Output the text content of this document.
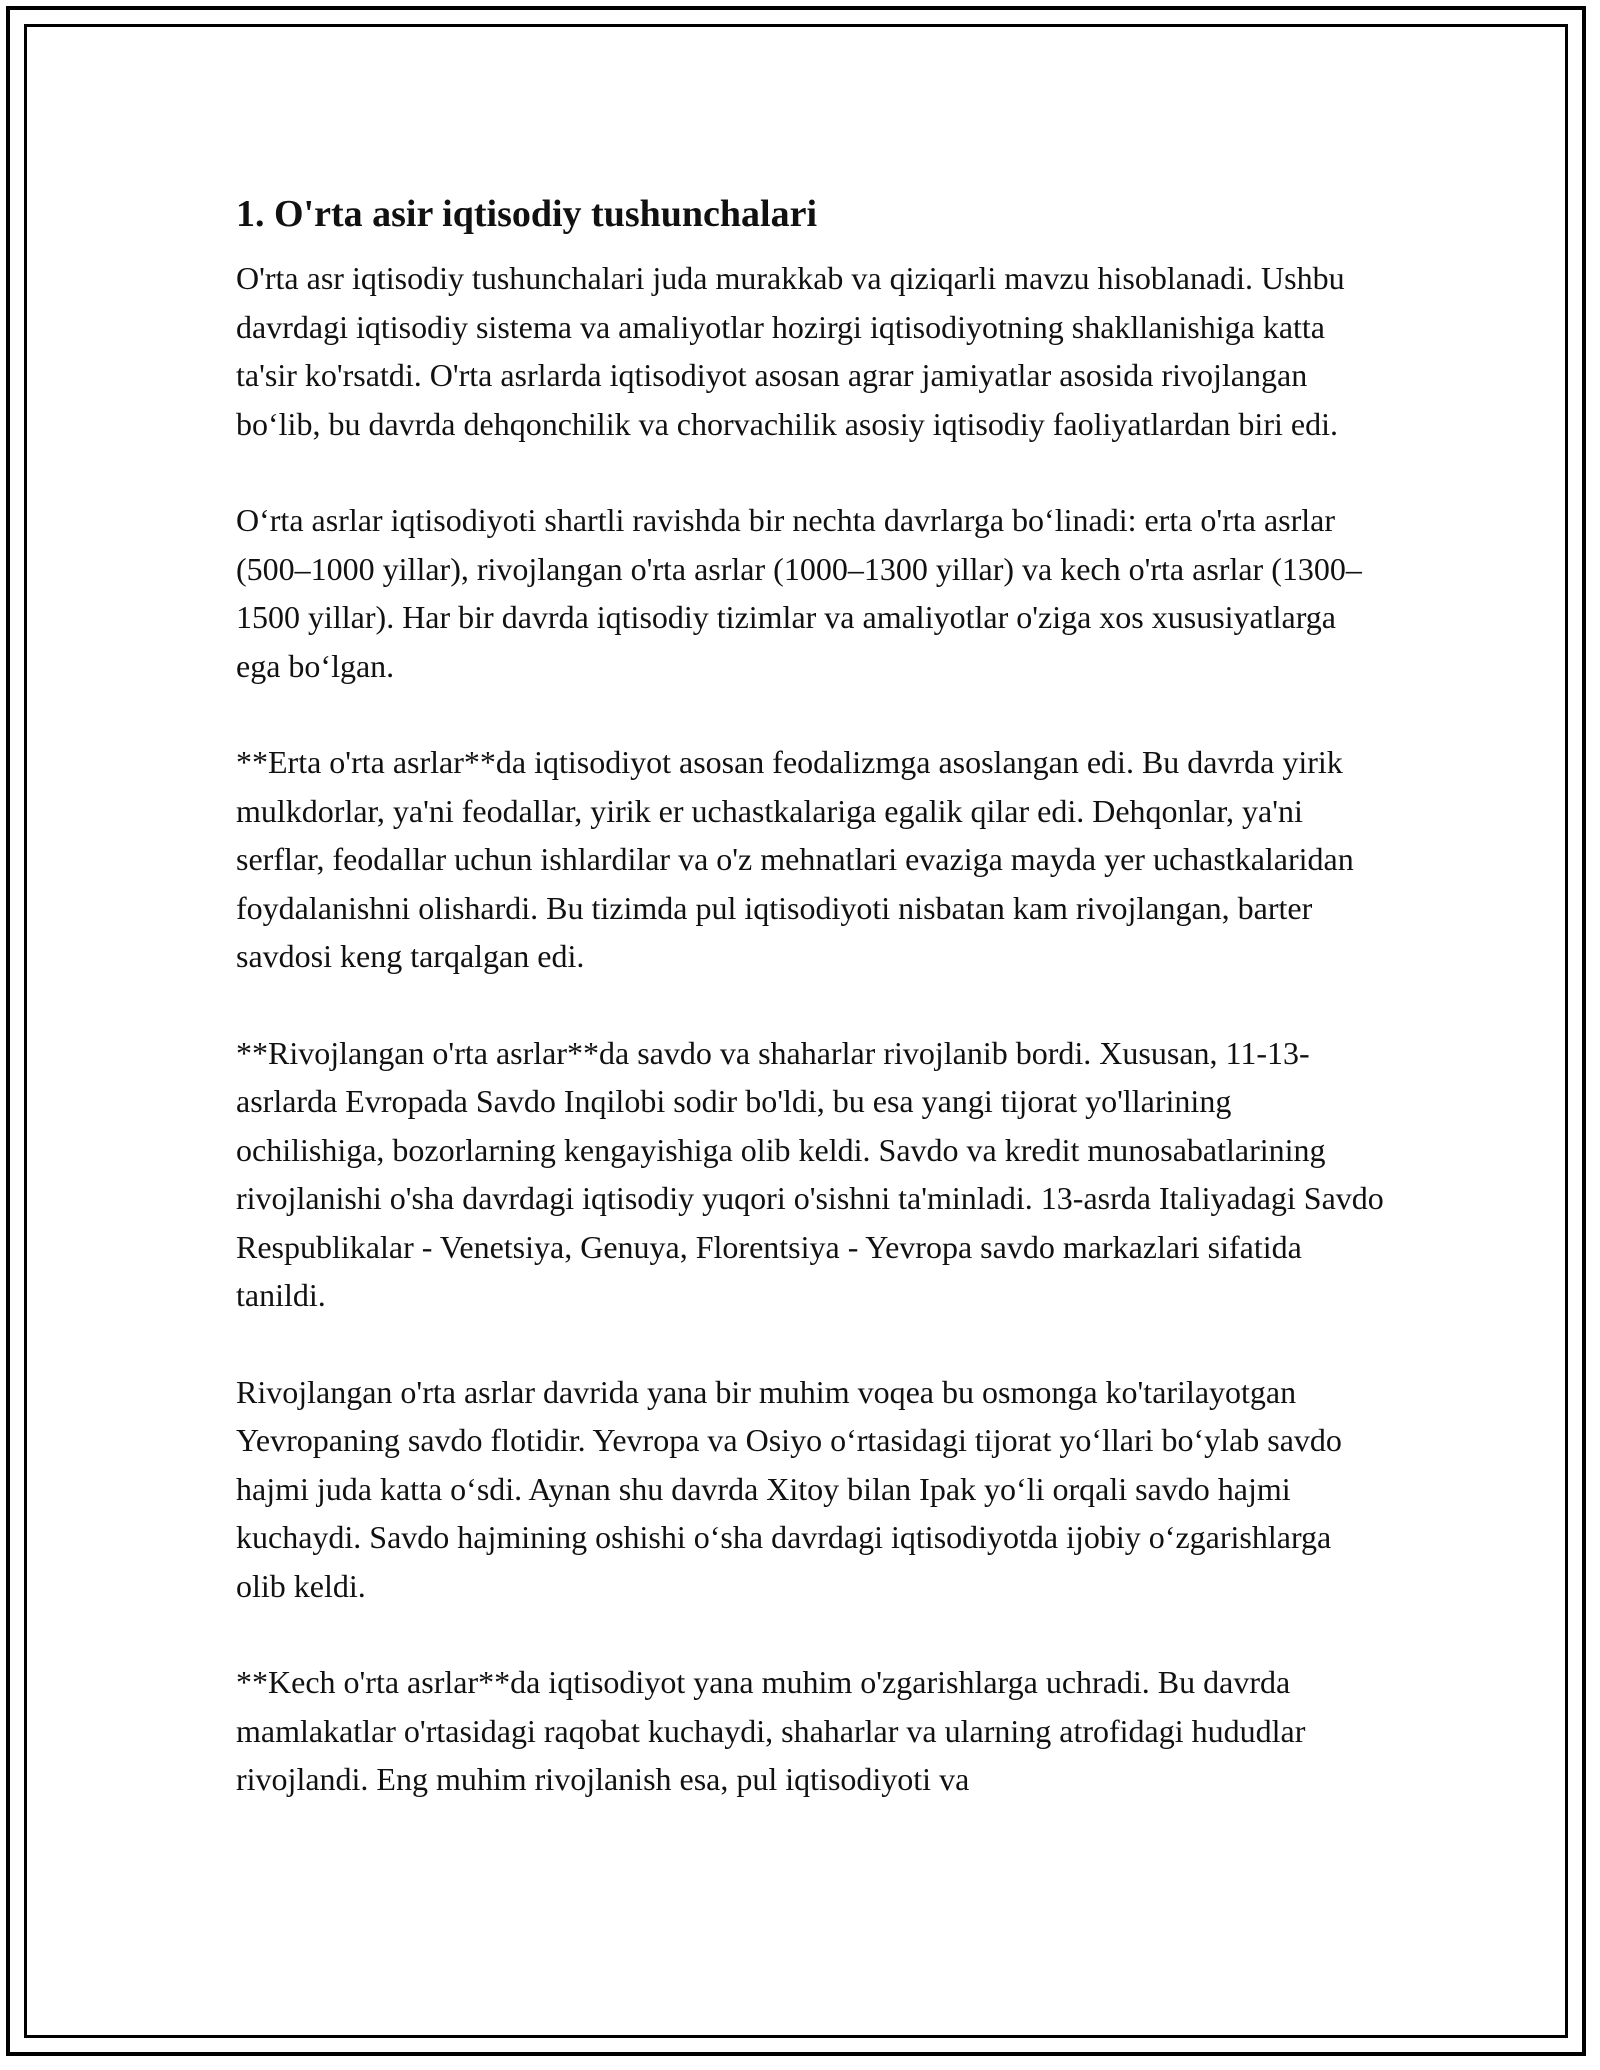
1. O'rta asir iqtisodiy tushunchalari

O'rta asr iqtisodiy tushunchalari juda murakkab va qiziqarli mavzu hisoblanadi. Ushbu davrdagi iqtisodiy sistema va amaliyotlar hozirgi iqtisodiyotning shakllanishiga katta ta'sir ko'rsatdi. O'rta asrlarda iqtisodiyot asosan agrar jamiyatlar asosida rivojlangan bo‘lib, bu davrda dehqonchilik va chorvachilik asosiy iqtisodiy faoliyatlardan biri edi.

O‘rta asrlar iqtisodiyoti shartli ravishda bir nechta davrlarga bo‘linadi: erta o'rta asrlar (500–1000 yillar), rivojlangan o'rta asrlar (1000–1300 yillar) va kech o'rta asrlar (1300–1500 yillar). Har bir davrda iqtisodiy tizimlar va amaliyotlar o'ziga xos xususiyatlarga ega bo‘lgan.

**Erta o'rta asrlar**da iqtisodiyot asosan feodalizmga asoslangan edi. Bu davrda yirik mulkdorlar, ya'ni feodallar, yirik er uchastkalariga egalik qilar edi. Dehqonlar, ya'ni serflar, feodallar uchun ishlardilar va o'z mehnatlari evaziga mayda yer uchastkalaridan foydalanishni olishardi. Bu tizimda pul iqtisodiyoti nisbatan kam rivojlangan, barter savdosi keng tarqalgan edi.

**Rivojlangan o'rta asrlar**da savdo va shaharlar rivojlanib bordi. Xususan, 11-13-asrlarda Evropada Savdo Inqilobi sodir bo'ldi, bu esa yangi tijorat yo'llarining ochilishiga, bozorlarning kengayishiga olib keldi. Savdo va kredit munosabatlarining rivojlanishi o'sha davrdagi iqtisodiy yuqori o'sishni ta'minladi. 13-asrda Italiyadagi Savdo Respublikalar - Venetsiya, Genuya, Florentsiya - Yevropa savdo markazlari sifatida tanildi.

Rivojlangan o'rta asrlar davrida yana bir muhim voqea bu osmonga ko'tarilayotgan Yevropaning savdo flotidir. Yevropa va Osiyo o‘rtasidagi tijorat yo‘llari bo‘ylab savdo hajmi juda katta o‘sdi. Aynan shu davrda Xitoy bilan Ipak yo‘li orqali savdo hajmi kuchaydi. Savdo hajmining oshishi o‘sha davrdagi iqtisodiyotda ijobiy o‘zgarishlarga olib keldi.

**Kech o'rta asrlar**da iqtisodiyot yana muhim o'zgarishlarga uchradi. Bu davrda mamlakatlar o'rtasidagi raqobat kuchaydi, shaharlar va ularning atrofidagi hududlar rivojlandi. Eng muhim rivojlanish esa, pul iqtisodiyoti va
